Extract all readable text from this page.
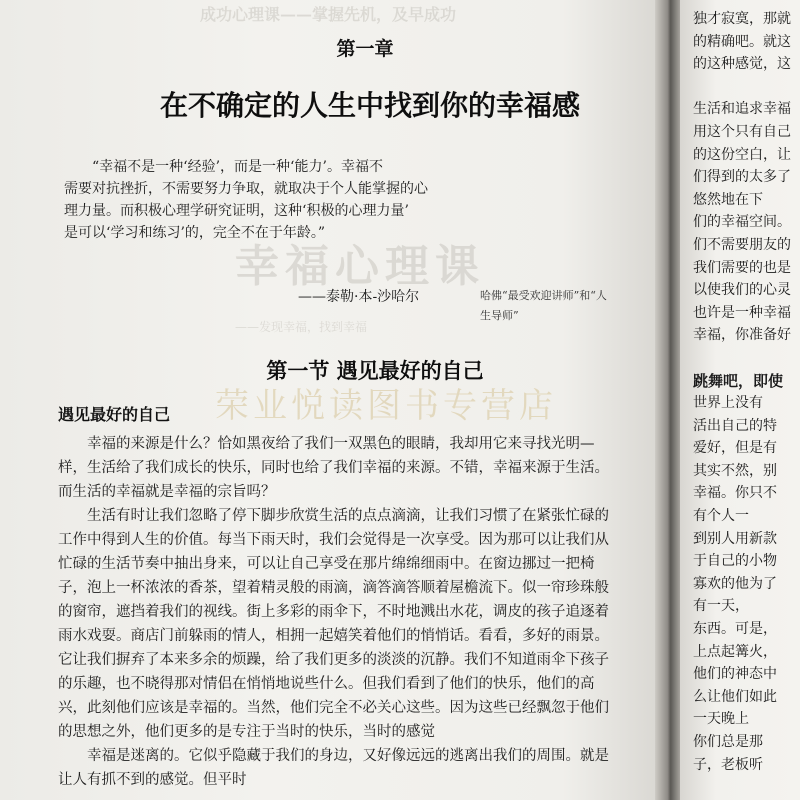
成功心理课——掌握先机，及早成功
幸福心理课
——发现幸福，找到幸福
第一章
在不确定的人生中找到你的幸福感
“幸福不是一种‘经验’，而是一种‘能力’。幸福不
需要对抗挫折，不需要努力争取，就取决于个人能掌握的心
理力量。而积极心理学研究证明，这种‘积极的心理力量’
是可以‘学习和练习’的，完全不在于年龄。”
——泰勒·本-沙哈尔	哈佛“最受欢迎讲师”和“人生导师”
第一节 遇见最好的自己
荣业悦读图书专营店
遇见最好的自己
幸福的来源是什么？恰如黑夜给了我们一双黑色的眼睛，我却用它来寻找光明—
样，生活给了我们成长的快乐，同时也给了我们幸福的来源。不错，幸福来源于生活。
而生活的幸福就是幸福的宗旨吗？
生活有时让我们忽略了停下脚步欣赏生活的点点滴滴，让我们习惯了在紧张忙碌的
工作中得到人生的价值。每当下雨天时，我们会觉得是一次享受。因为那可以让我们从
忙碌的生活节奏中抽出身来，可以让自己享受在那片绵绵细雨中。在窗边挪过一把椅
子，泡上一杯浓浓的香茶，望着精灵般的雨滴，滴答滴答顺着屋檐流下。似一帘珍珠般
的窗帘，遮挡着我们的视线。街上多彩的雨伞下，不时地溅出水花，调皮的孩子追逐着
雨水戏耍。商店门前躲雨的情人，相拥一起嬉笑着他们的悄悄话。看看，多好的雨景。
它让我们摒弃了本来多余的烦躁，给了我们更多的淡淡的沉静。我们不知道雨伞下孩子
的乐趣，也不晓得那对情侣在悄悄地说些什么。但我们看到了他们的快乐，他们的高
兴，此刻他们应该是幸福的。当然，他们完全不必关心这些。因为这些已经飘忽于他们
的思想之外，他们更多的是专注于当时的快乐，当时的感觉
幸福是迷离的。它似乎隐藏于我们的身边，又好像远远的逃离出我们的周围。就是
让人有抓不到的感觉。但平时
独才寂寞，那就
的精确吧。就这
的这种感觉，这

生活和追求幸福
用这个只有自己
的这份空白，让
们得到的太多了
悠然地在下
们的幸福空间。
们不需要朋友的
我们需要的也是
以使我们的心灵
也许是一种幸福
幸福，你准备好

跳舞吧，即使
世界上没有
活出自己的特
爱好，但是有
其实不然，别
幸福。你只不
有个人一
到别人用新款
于自己的小物
寡欢的他为了
有一天，
东西。可是，
上点起篝火，
他们的神态中
么让他们如此
一天晚上
你们总是那
子，老板听
